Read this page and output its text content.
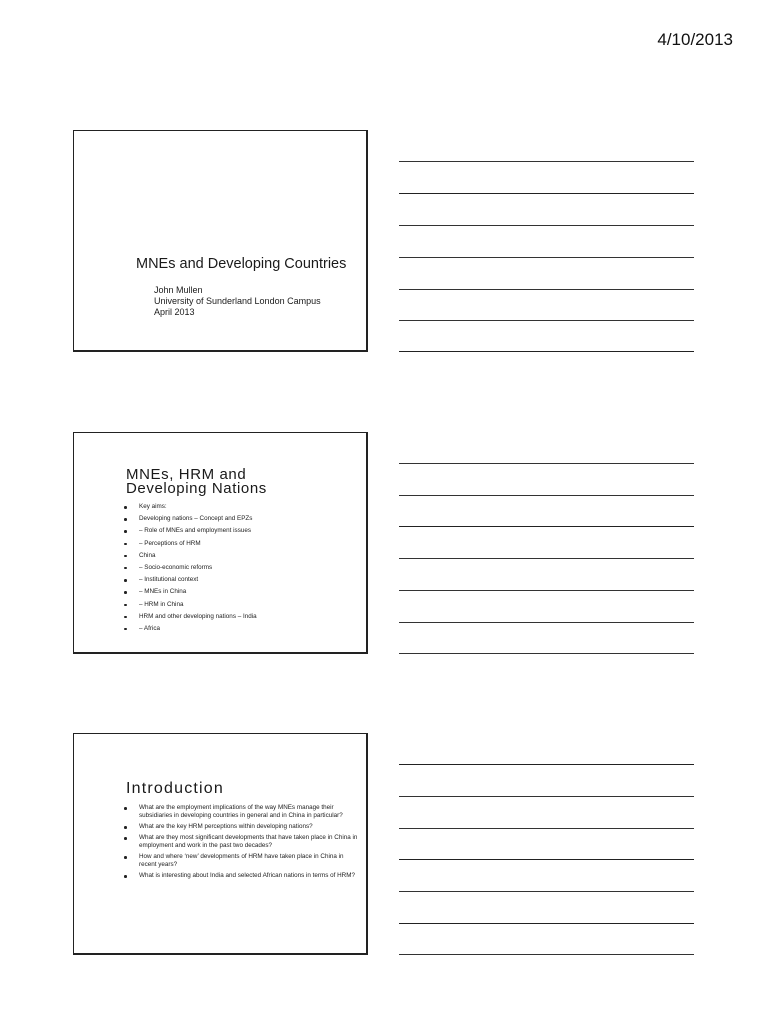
4/10/2013
MNEs and Developing Countries
John Mullen
University of Sunderland London Campus
April 2013
MNEs, HRM and
Developing Nations
Key aims:
Developing nations – Concept and EPZs
– Role of MNEs and employment issues
– Perceptions of HRM
China
– Socio-economic reforms
– Institutional context
– MNEs in China
– HRM in China
HRM and other developing nations – India
– Africa
Introduction
What are the employment implications of the way MNEs manage their subsidiaries in developing countries in general and in China in particular?
What are the key HRM perceptions within developing nations?
What are they most significant developments that have taken place in China in employment and work in the past two decades?
How and where ‘new’ developments of HRM have taken place in China in recent years?
What is interesting about India and selected African nations in terms of HRM?
